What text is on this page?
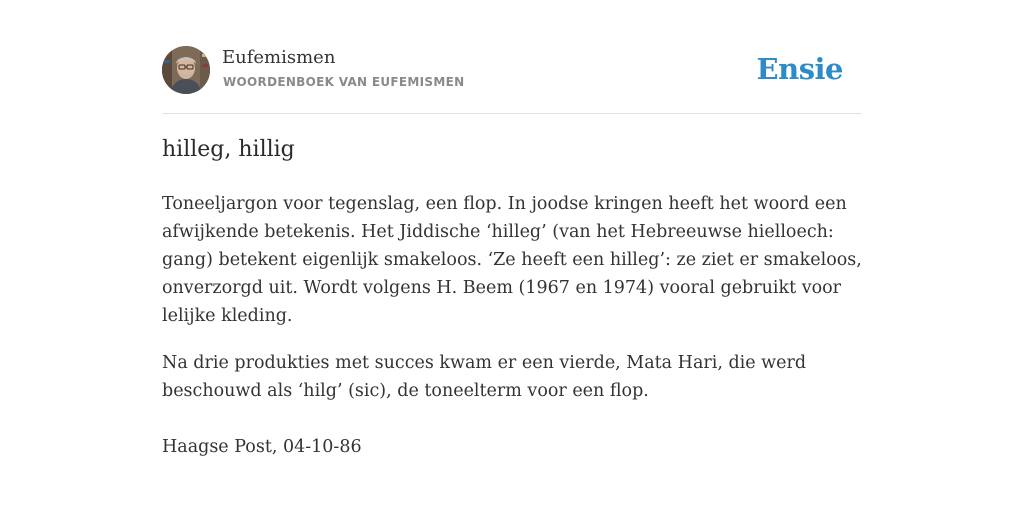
Eufemismen
WOORDENBOEK VAN EUFEMISMEN	Ensie
hilleg, hillig

Toneeljargon voor tegenslag, een flop. In joodse kringen heeft het woord een afwijkende betekenis. Het Jiddische ‘hilleg’ (van het Hebreeuwse hielloech: gang) betekent eigenlijk smakeloos. ‘Ze heeft een hilleg’: ze ziet er smakeloos, onverzorgd uit. Wordt volgens H. Beem (1967 en 1974) vooral gebruikt voor lelijke kleding.

Na drie produkties met succes kwam er een vierde, Mata Hari, die werd beschouwd als ‘hilg’ (sic), de toneelterm voor een flop.

Haagse Post, 04-10-86
